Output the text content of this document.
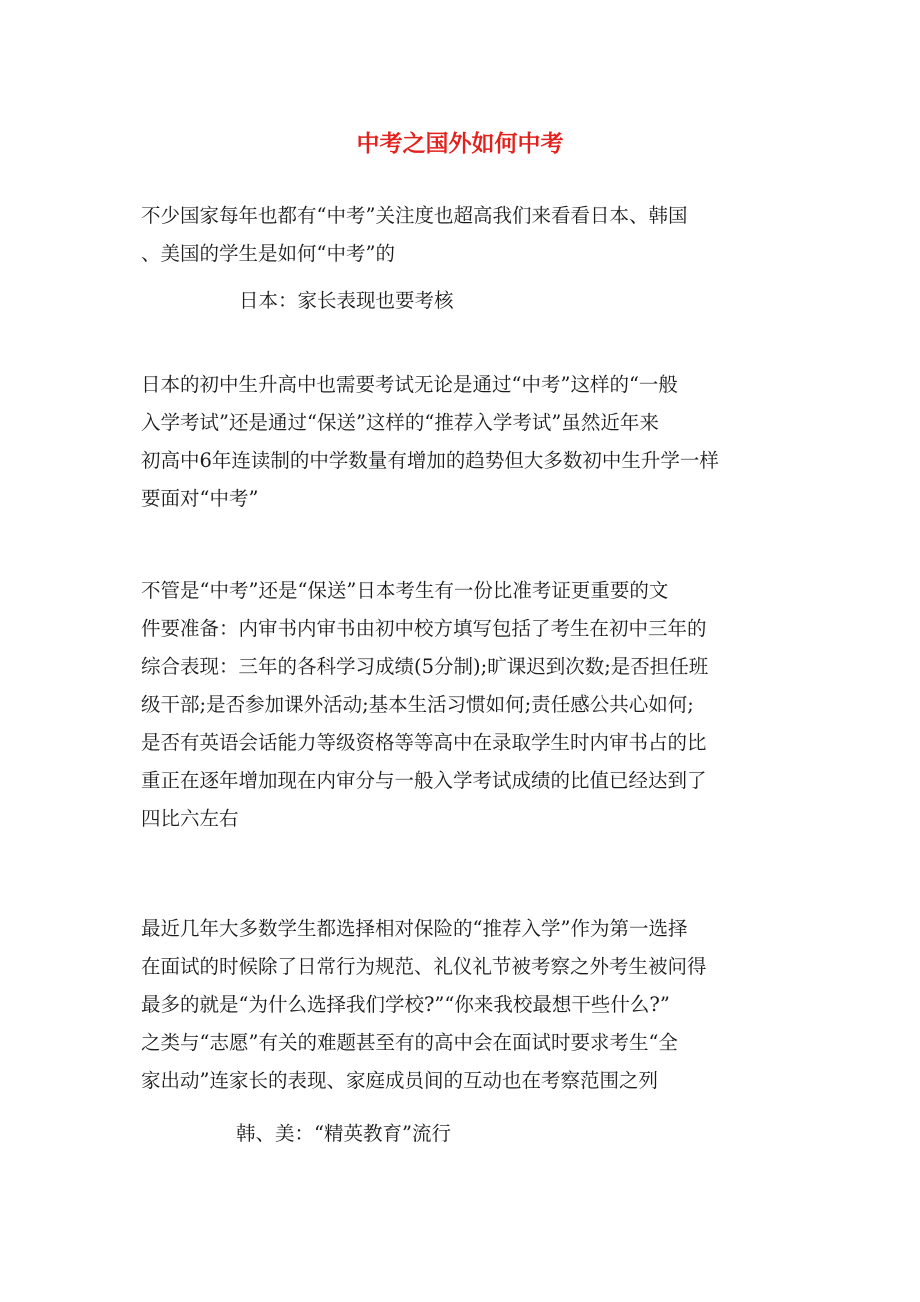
中考之国外如何中考

不少国家每年也都有“中考”关注度也超高我们来看看日本、韩国
、美国的学生是如何“中考”的

日本：家长表现也要考核

日本的初中生升高中也需要考试无论是通过“中考”这样的“一般
入学考试”还是通过“保送”这样的“推荐入学考试”虽然近年来
初高中6年连读制的中学数量有增加的趋势但大多数初中生升学一样
要面对“中考”

不管是“中考”还是“保送”日本考生有一份比准考证更重要的文
件要准备：内审书内审书由初中校方填写包括了考生在初中三年的
综合表现：三年的各科学习成绩(5分制);旷课迟到次数;是否担任班
级干部;是否参加课外活动;基本生活习惯如何;责任感公共心如何;
是否有英语会话能力等级资格等等高中在录取学生时内审书占的比
重正在逐年增加现在内审分与一般入学考试成绩的比值已经达到了
四比六左右

最近几年大多数学生都选择相对保险的“推荐入学”作为第一选择
在面试的时候除了日常行为规范、礼仪礼节被考察之外考生被问得
最多的就是“为什么选择我们学校?”“你来我校最想干些什么?”
之类与“志愿”有关的难题甚至有的高中会在面试时要求考生“全
家出动”连家长的表现、家庭成员间的互动也在考察范围之列

韩、美：“精英教育”流行
